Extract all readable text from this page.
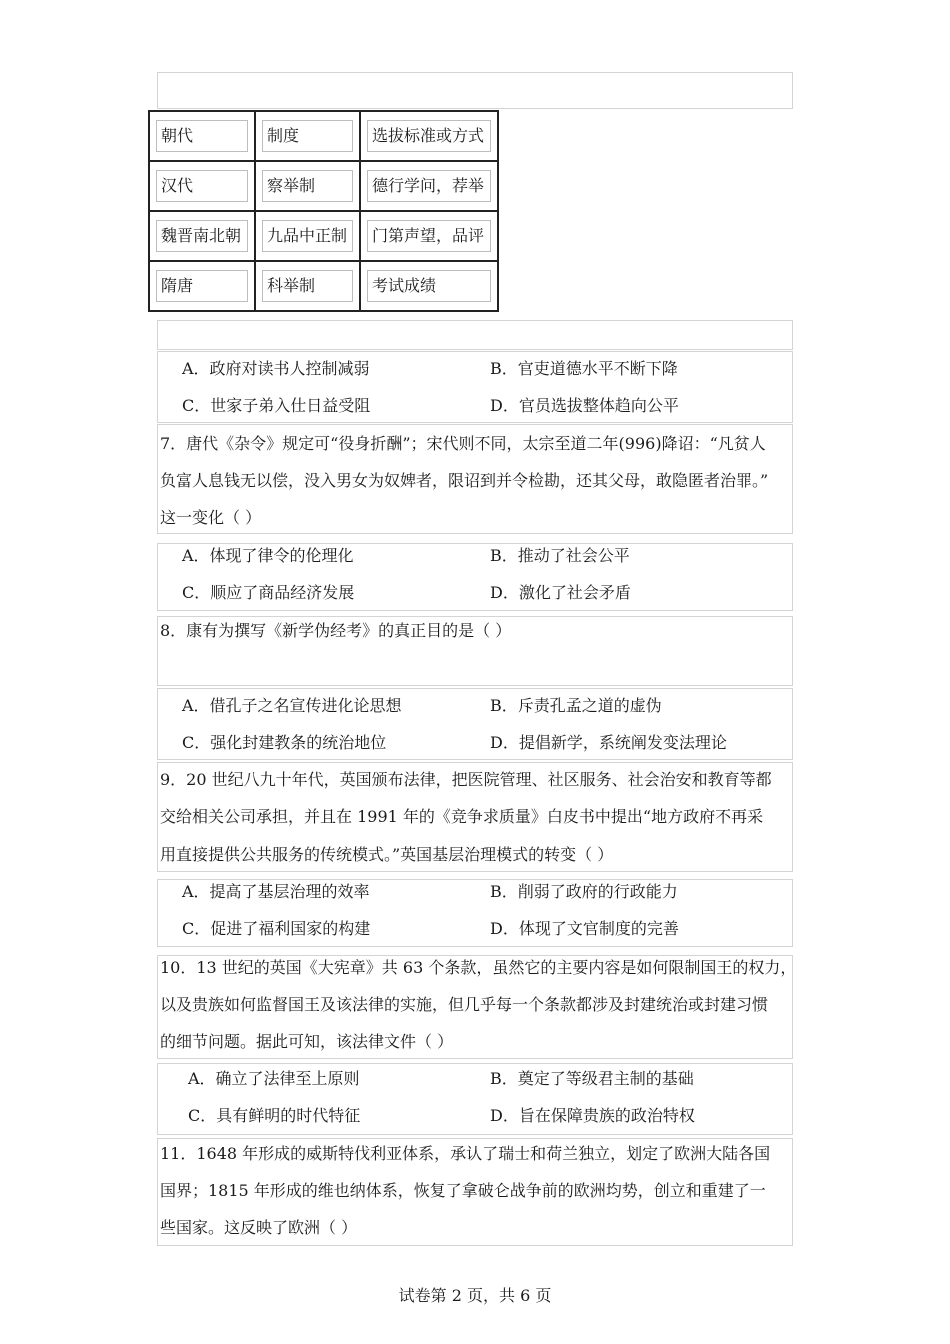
朝代	制度	选拔标准或方式

汉代	察举制	德行学问，荐举

魏晋南北朝	九品中正制	门第声望，品评

隋唐	科举制	考试成绩
A．政府对读书人控制减弱	B．官吏道德水平不断下降
C．世家子弟入仕日益受阻	D．官员选拔整体趋向公平
7．唐代《杂令》规定可“役身折酬”；宋代则不同，太宗至道二年(996)降诏：“凡贫人
负富人息钱无以偿，没入男女为奴婢者，限诏到并令检勘，还其父母，敢隐匿者治罪。”
这一变化（ ）
A．体现了律令的伦理化	B．推动了社会公平
C．顺应了商品经济发展	D．激化了社会矛盾
8．康有为撰写《新学伪经考》的真正目的是（ ）
A．借孔子之名宣传进化论思想	B．斥责孔孟之道的虚伪
C．强化封建教条的统治地位	D．提倡新学，系统阐发变法理论
9．20 世纪八九十年代，英国颁布法律，把医院管理、社区服务、社会治安和教育等都
交给相关公司承担，并且在 1991 年的《竞争求质量》白皮书中提出“地方政府不再采
用直接提供公共服务的传统模式。”英国基层治理模式的转变（ ）
A．提高了基层治理的效率	B．削弱了政府的行政能力
C．促进了福利国家的构建	D．体现了文官制度的完善
10．13 世纪的英国《大宪章》共 63 个条款，虽然它的主要内容是如何限制国王的权力，
以及贵族如何监督国王及该法律的实施，但几乎每一个条款都涉及封建统治或封建习惯
的细节问题。据此可知，该法律文件（ ）
A．确立了法律至上原则	B．奠定了等级君主制的基础
C．具有鲜明的时代特征	D．旨在保障贵族的政治特权
11．1648 年形成的威斯特伐利亚体系，承认了瑞士和荷兰独立，划定了欧洲大陆各国
国界；1815 年形成的维也纳体系，恢复了拿破仑战争前的欧洲均势，创立和重建了一
些国家。这反映了欧洲（ ）
试卷第 2 页，共 6 页
